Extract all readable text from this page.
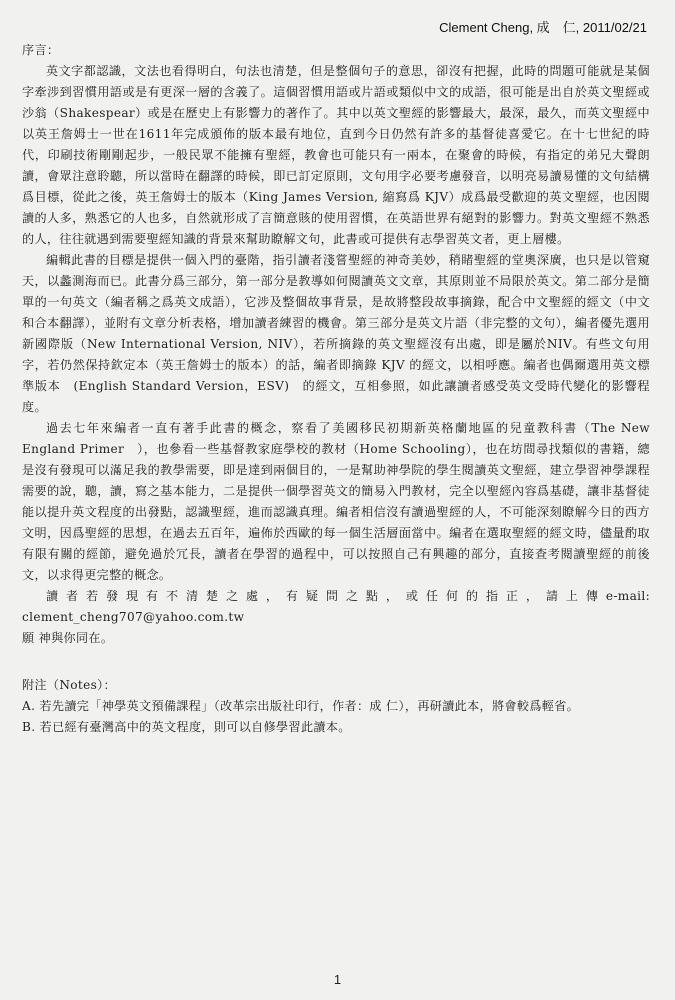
Clement Cheng, 成　仁, 2011/02/21

序言：

英文字都認識，文法也看得明白，句法也清楚，但是整個句子的意思，卻沒有把握，此時的問題可能就是某個字牽涉到習慣用語或是有更深一層的含義了。這個習慣用語或片語或類似中文的成語，很可能是出自於英文聖經或沙翁（Shakespear）或是在歷史上有影響力的著作了。其中以英文聖經的影響最大，最深，最久，而英文聖經中以英王詹姆士一世在1611年完成頒佈的版本最有地位，直到今日仍然有許多的基督徒喜愛它。在十七世紀的時代，印刷技術剛剛起步，一般民眾不能擁有聖經，教會也可能只有一兩本，在聚會的時候，有指定的弟兄大聲朗讀，會眾注意聆聽，所以當時在翻譯的時候，即已訂定原則，文句用字必要考慮發音，以明亮易讀易懂的文句結構爲目標，從此之後，英王詹姆士的版本（King James Version, 縮寫爲 KJV）成爲最受歡迎的英文聖經，也因閱讀的人多，熟悉它的人也多，自然就形成了言簡意賅的使用習慣，在英語世界有絕對的影響力。對英文聖經不熟悉的人，往往就遇到需要聖經知識的背景來幫助瞭解文句，此書或可提供有志學習英文者，更上層樓。

編輯此書的目標是提供一個入門的臺階，指引讀者淺嘗聖經的神奇美妙，稍睹聖經的堂奧深廣，也只是以管窺天，以蠡測海而已。此書分爲三部分，第一部分是教導如何閱讀英文文章，其原則並不局限於英文。第二部分是簡單的一句英文（編者稱之爲英文成語），它涉及整個故事背景，是故將整段故事摘錄，配合中文聖經的經文（中文和合本翻譯），並附有文章分析表格，增加讀者練習的機會。第三部分是英文片語（非完整的文句），編者優先選用新國際版（New International Version, NIV），若所摘錄的英文聖經沒有出處，即是屬於NIV。有些文句用字，若仍然保持欽定本（英王詹姆士的版本）的話，編者即摘錄 KJV 的經文，以相呼應。編者也偶爾選用英文標準版本　(English Standard Version，ESV)　的經文，互相參照，如此讓讀者感受英文受時代變化的影響程度。

過去七年來編者一直有著手此書的概念，察看了美國移民初期新英格蘭地區的兒童教科書（The New England Primer　），也參看一些基督教家庭學校的教材（Home Schooling），也在坊間尋找類似的書籍，總是沒有發現可以滿足我的教學需要，即是達到兩個目的，一是幫助神學院的學生閱讀英文聖經，建立學習神學課程需要的說，聽，讀，寫之基本能力，二是提供一個學習英文的簡易入門教材，完全以聖經內容爲基礎，讓非基督徒能以提升英文程度的出發點，認識聖經，進而認識真理。編者相信沒有讀過聖經的人，不可能深刻瞭解今日的西方文明，因爲聖經的思想，在過去五百年，遍佈於西歐的每一個生活層面當中。編者在選取聖經的經文時，儘量酌取有限有關的經節，避免過於冗長，讀者在學習的過程中，可以按照自己有興趣的部分，直接查考閱讀聖經的前後文，以求得更完整的概念。

讀者若發現有不清楚之處，有疑問之點，或任何的指正，請上傳e-mail: clement_cheng707@yahoo.com.tw

願 神與你同在。

附注（Notes）：

A. 若先讀完「神學英文預備課程」（改革宗出版社印行，作者：成 仁），再研讀此本，將會較爲輕省。

B. 若已經有臺灣高中的英文程度，則可以自修學習此讀本。

1
